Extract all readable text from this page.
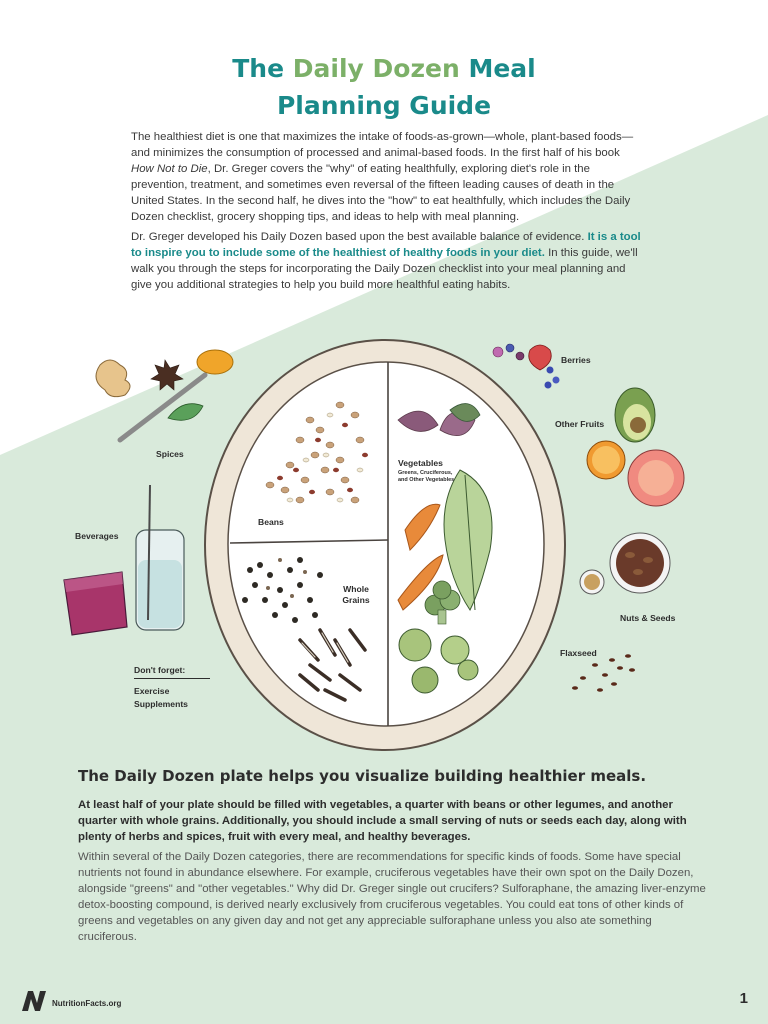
The Daily Dozen Meal
Planning Guide

The healthiest diet is one that maximizes the intake of foods-as-grown—whole, plant-based foods—and minimizes the consumption of processed and animal-based foods. In the first half of his book How Not to Die, Dr. Greger covers the "why" of eating healthfully, exploring diet's role in the prevention, treatment, and sometimes even reversal of the fifteen leading causes of death in the United States. In the second half, he dives into the "how" to eat healthfully, which includes the Daily Dozen checklist, grocery shopping tips, and ideas to help with meal planning.

Dr. Greger developed his Daily Dozen based upon the best available balance of evidence. It is a tool to inspire you to include some of the healthiest of healthy foods in your diet. In this guide, we'll walk you through the steps for incorporating the Daily Dozen checklist into your meal planning and give you additional strategies to help you build more healthful eating habits.

Spices
Beverages
Beans
Whole
Grains
Vegetables
Greens, Cruciferous,
and Other Vegetables
Berries
Other Fruits
Nuts & Seeds
Flaxseed
Don't forget:
Exercise
Supplements
The Daily Dozen plate helps you visualize building healthier meals.

At least half of your plate should be filled with vegetables, a quarter with beans or other legumes, and another quarter with whole grains. Additionally, you should include a small serving of nuts or seeds each day, along with plenty of herbs and spices, fruit with every meal, and healthy beverages.

Within several of the Daily Dozen categories, there are recommendations for specific kinds of foods. Some have special nutrients not found in abundance elsewhere. For example, cruciferous vegetables have their own spot on the Daily Dozen, alongside "greens" and "other vegetables." Why did Dr. Greger single out crucifers? Sulforaphane, the amazing liver-enzyme detox-boosting compound, is derived nearly exclusively from cruciferous vegetables. You could eat tons of other kinds of greens and vegetables on any given day and not get any appreciable sulforaphane unless you also ate something cruciferous.

NutritionFacts.org	1
